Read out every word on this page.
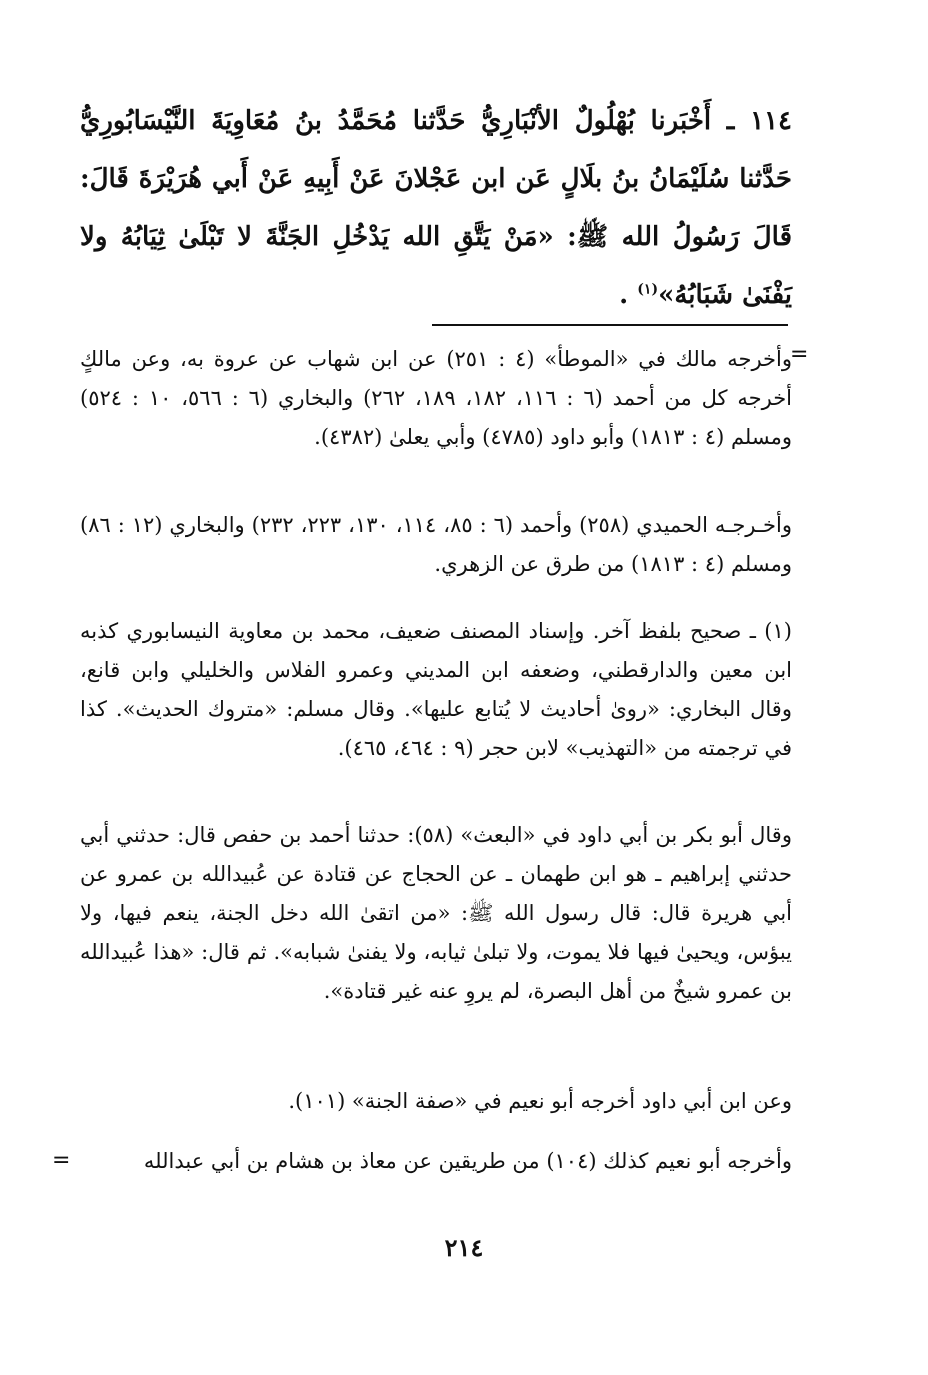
١١٤ ـ أَخْبَرنا بُهْلُولٌ الأنْبَارِيُّ حَدَّثنا مُحَمَّدُ بنُ مُعَاوِيَةَ النَّيْسَابُورِيُّ حَدَّثنا سُلَيْمَانُ بنُ بلَالٍ عَن ابن عَجْلانَ عَنْ أَبِيهِ عَنْ أَبي هُرَيْرَةَ قَالَ: قَالَ رَسُولُ الله ﷺ: «مَنْ يَتَّقِ الله يَدْخُلِ الجَنَّةَ لا تَبْلَىٰ ثِيَابُهُ ولا يَفْنَىٰ شَبَابُهُ»$^{(١)}$ .

=

وأخرجه مالك في «الموطأ» (٤ : ٢٥١) عن ابن شهاب عن عروة به، وعن مالكٍ أخرجه كل من أحمد (٦ : ١١٦، ١٨٢، ١٨٩، ٢٦٢) والبخاري (٦ : ٥٦٦، ١٠ : ٥٢٤) ومسلم (٤ : ١٨١٣) وأبو داود (٤٧٨٥) وأبي يعلىٰ (٤٣٨٢).

وأخـرجـه الحميدي (٢٥٨) وأحمد (٦ : ٨٥، ١١٤، ١٣٠، ٢٢٣، ٢٣٢) والبخاري (١٢ : ٨٦) ومسلم (٤ : ١٨١٣) من طرق عن الزهري.

(١) ـ صحيح بلفظ آخر. وإسناد المصنف ضعيف، محمد بن معاوية النيسابوري كذبه ابن معين والدارقطني، وضعفه ابن المديني وعمرو الفلاس والخليلي وابن قانع، وقال البخاري: «روىٰ أحاديث لا يُتابع عليها». وقال مسلم: «متروك الحديث». كذا في ترجمته من «التهذيب» لابن حجر (٩ : ٤٦٤، ٤٦٥).

وقال أبو بكر بن أبي داود في «البعث» (٥٨): حدثنا أحمد بن حفص قال: حدثني أبي حدثني إبراهيم ـ هو ابن طهمان ـ عن الحجاج عن قتادة عن عُبيدالله بن عمرو عن أبي هريرة قال: قال رسول الله ﷺ: «من اتقىٰ الله دخل الجنة، ينعم فيها، ولا يبؤس، ويحيىٰ فيها فلا يموت، ولا تبلىٰ ثيابه، ولا يفنىٰ شبابه». ثم قال: «هذا عُبيدالله بن عمرو شيخٌ من أهل البصرة، لم يروِ عنه غير قتادة».

وعن ابن أبي داود أخرجه أبو نعيم في «صفة الجنة» (١٠١).

وأخرجه أبو نعيم كذلك (١٠٤) من طريقين عن معاذ بن هشام بن أبي عبدالله

=
٢١٤
